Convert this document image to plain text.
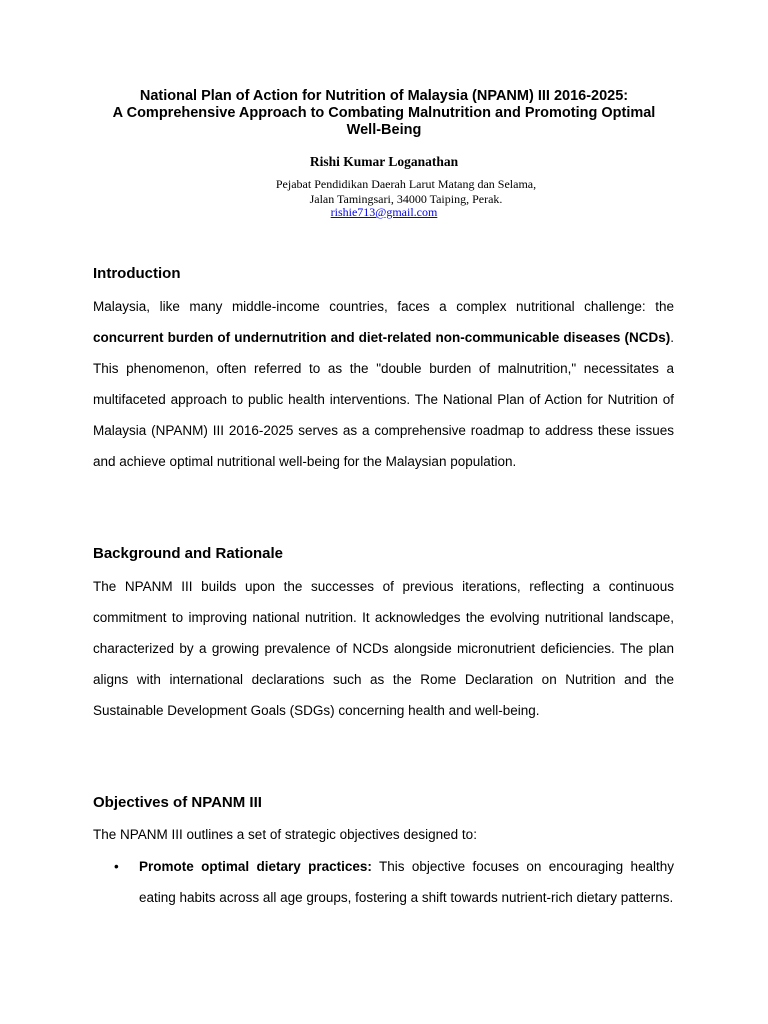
National Plan of Action for Nutrition of Malaysia (NPANM) III 2016-2025:
A Comprehensive Approach to Combating Malnutrition and Promoting Optimal
Well-Being
Rishi Kumar Loganathan
Pejabat Pendidikan Daerah Larut Matang dan Selama,
Jalan Tamingsari, 34000 Taiping, Perak.
rishie713@gmail.com
Introduction

Malaysia, like many middle-income countries, faces a complex nutritional challenge: the concurrent burden of undernutrition and diet-related non-communicable diseases (NCDs). This phenomenon, often referred to as the "double burden of malnutrition," necessitates a multifaceted approach to public health interventions. The National Plan of Action for Nutrition of Malaysia (NPANM) III 2016-2025 serves as a comprehensive roadmap to address these issues and achieve optimal nutritional well-being for the Malaysian population.

Background and Rationale

The NPANM III builds upon the successes of previous iterations, reflecting a continuous commitment to improving national nutrition. It acknowledges the evolving nutritional landscape, characterized by a growing prevalence of NCDs alongside micronutrient deficiencies. The plan aligns with international declarations such as the Rome Declaration on Nutrition and the Sustainable Development Goals (SDGs) concerning health and well-being.

Objectives of NPANM III

The NPANM III outlines a set of strategic objectives designed to:

• Promote optimal dietary practices: This objective focuses on encouraging healthy eating habits across all age groups, fostering a shift towards nutrient-rich dietary patterns.
